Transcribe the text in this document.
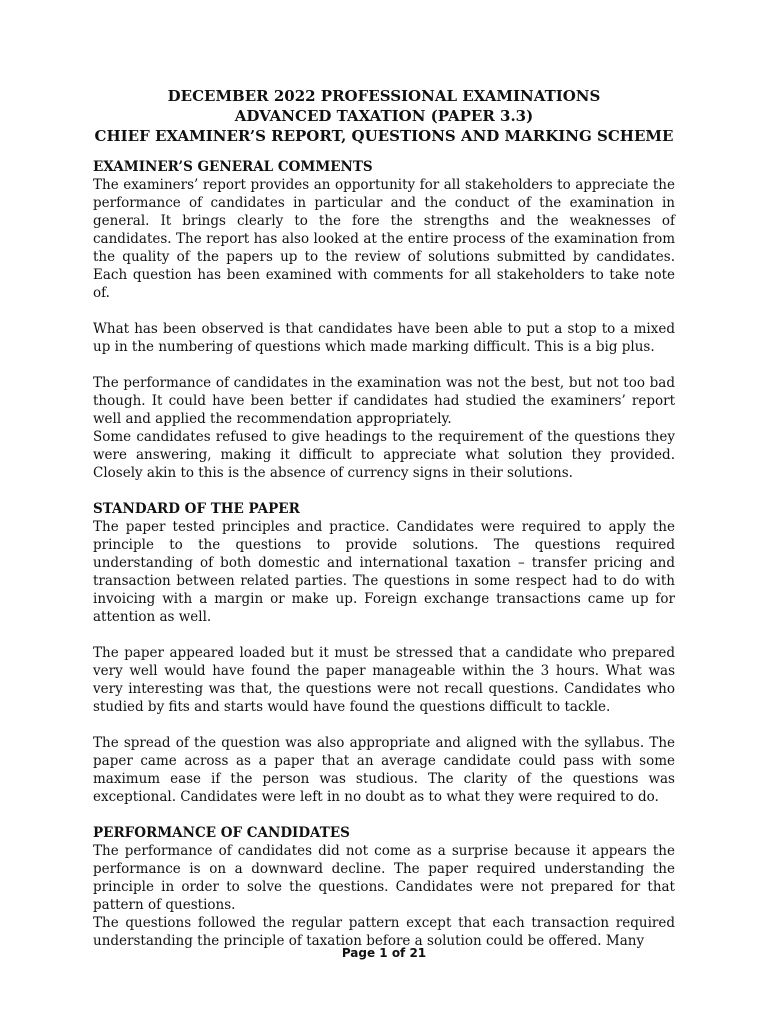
DECEMBER 2022 PROFESSIONAL EXAMINATIONS
ADVANCED TAXATION (PAPER 3.3)
CHIEF EXAMINER’S REPORT, QUESTIONS AND MARKING SCHEME
EXAMINER’S GENERAL COMMENTS

The examiners’ report provides an opportunity for all stakeholders to appreciate the performance of candidates in particular and the conduct of the examination in general. It brings clearly to the fore the strengths and the weaknesses of candidates. The report has also looked at the entire process of the examination from the quality of the papers up to the review of solutions submitted by candidates. Each question has been examined with comments for all stakeholders to take note of.

What has been observed is that candidates have been able to put a stop to a mixed up in the numbering of questions which made marking difficult. This is a big plus.

The performance of candidates in the examination was not the best, but not too bad though. It could have been better if candidates had studied the examiners’ report well and applied the recommendation appropriately.

Some candidates refused to give headings to the requirement of the questions they were answering, making it difficult to appreciate what solution they provided. Closely akin to this is the absence of currency signs in their solutions.

STANDARD OF THE PAPER

The paper tested principles and practice. Candidates were required to apply the principle to the questions to provide solutions. The questions required understanding of both domestic and international taxation – transfer pricing and transaction between related parties. The questions in some respect had to do with invoicing with a margin or make up. Foreign exchange transactions came up for attention as well.

The paper appeared loaded but it must be stressed that a candidate who prepared very well would have found the paper manageable within the 3 hours. What was very interesting was that, the questions were not recall questions. Candidates who studied by fits and starts would have found the questions difficult to tackle.

The spread of the question was also appropriate and aligned with the syllabus. The paper came across as a paper that an average candidate could pass with some maximum ease if the person was studious. The clarity of the questions was exceptional. Candidates were left in no doubt as to what they were required to do.

PERFORMANCE OF CANDIDATES

The performance of candidates did not come as a surprise because it appears the performance is on a downward decline. The paper required understanding the principle in order to solve the questions. Candidates were not prepared for that pattern of questions.

The questions followed the regular pattern except that each transaction required understanding the principle of taxation before a solution could be offered. Many

Page 1 of 21
